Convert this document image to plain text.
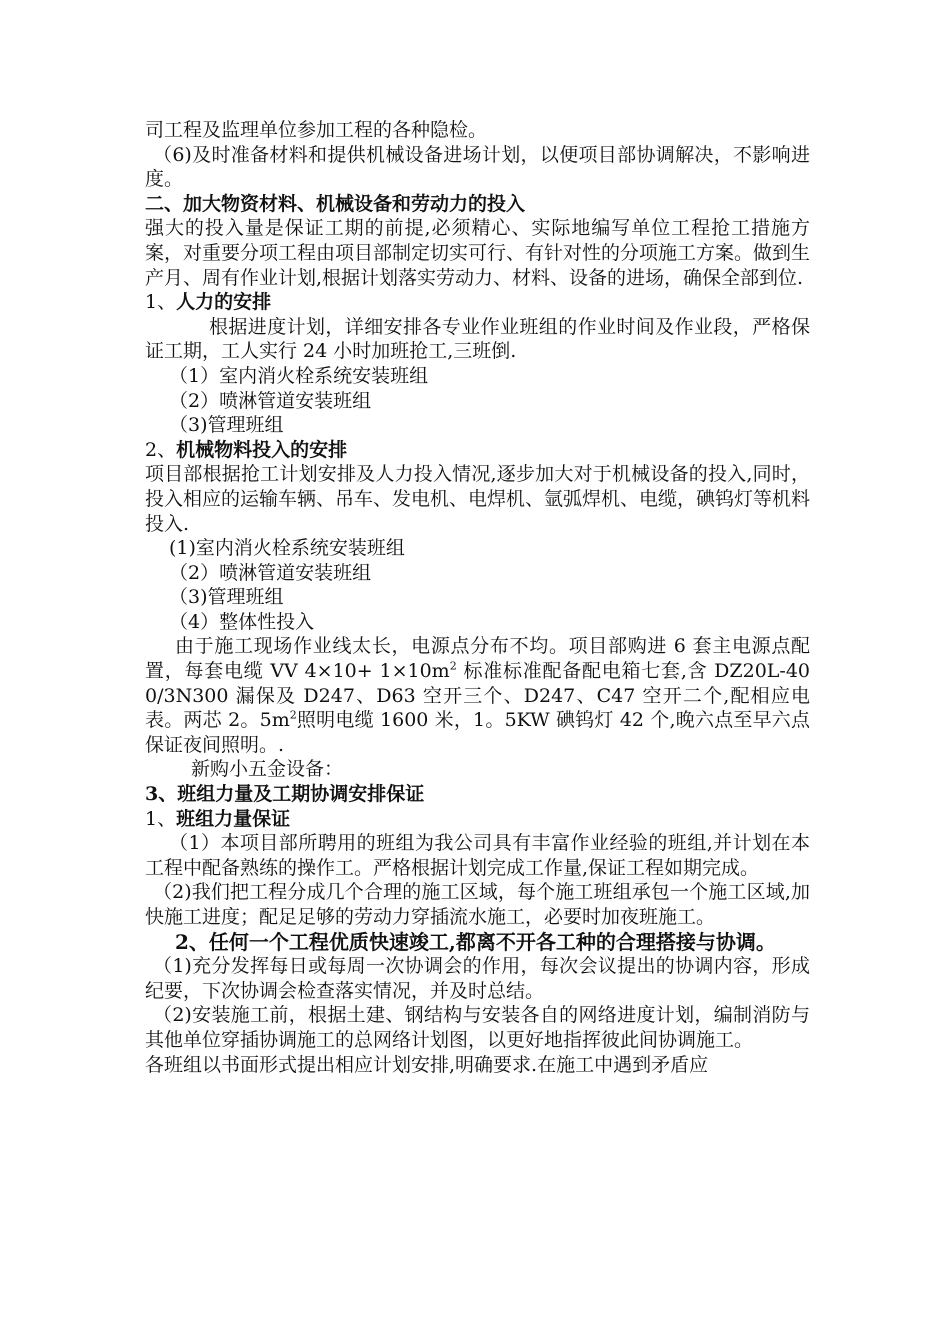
司工程及监理单位参加工程的各种隐检。

（6)及时准备材料和提供机械设备进场计划，以便项目部协调解决，不影响进度。

二、加大物资材料、机械设备和劳动力的投入

强大的投入量是保证工期的前提,必须精心、实际地编写单位工程抢工措施方案，对重要分项工程由项目部制定切实可行、有针对性的分项施工方案。做到生产月、周有作业计划,根据计划落实劳动力、材料、设备的进场，确保全部到位.

1、人力的安排

根据进度计划，详细安排各专业作业班组的作业时间及作业段，严格保证工期，工人实行 24 小时加班抢工,三班倒.

（1）室内消火栓系统安装班组

（2）喷淋管道安装班组

（3)管理班组

2、机械物料投入的安排

项目部根据抢工计划安排及人力投入情况,逐步加大对于机械设备的投入,同时，投入相应的运输车辆、吊车、发电机、电焊机、氩弧焊机、电缆，碘钨灯等机料投入.

(1)室内消火栓系统安装班组

（2）喷淋管道安装班组

（3)管理班组

（4）整体性投入

由于施工现场作业线太长，电源点分布不均。项目部购进 6 套主电源点配置，每套电缆 VV $4\times 10+ 1\times 10m^2$ 标准标准配备配电箱七套,含 DZ20L-400/3N300 漏保及 D247、D63 空开三个、D247、C47 空开二个,配相应电表。两芯 2。$5m^2$照明电缆 1600 米，1。5KW 碘钨灯 42 个,晚六点至早六点保证夜间照明。.

新购小五金设备：

3、班组力量及工期协调安排保证

1、班组力量保证

（1）本项目部所聘用的班组为我公司具有丰富作业经验的班组,并计划在本工程中配备熟练的操作工。严格根据计划完成工作量,保证工程如期完成。

（2)我们把工程分成几个合理的施工区域，每个施工班组承包一个施工区域,加快施工进度；配足足够的劳动力穿插流水施工，必要时加夜班施工。

2、任何一个工程优质快速竣工,都离不开各工种的合理搭接与协调。

（1)充分发挥每日或每周一次协调会的作用，每次会议提出的协调内容，形成纪要，下次协调会检查落实情况，并及时总结。

（2)安装施工前，根据土建、钢结构与安装各自的网络进度计划，编制消防与其他单位穿插协调施工的总网络计划图，以更好地指挥彼此间协调施工。

各班组以书面形式提出相应计划安排,明确要求.在施工中遇到矛盾应
